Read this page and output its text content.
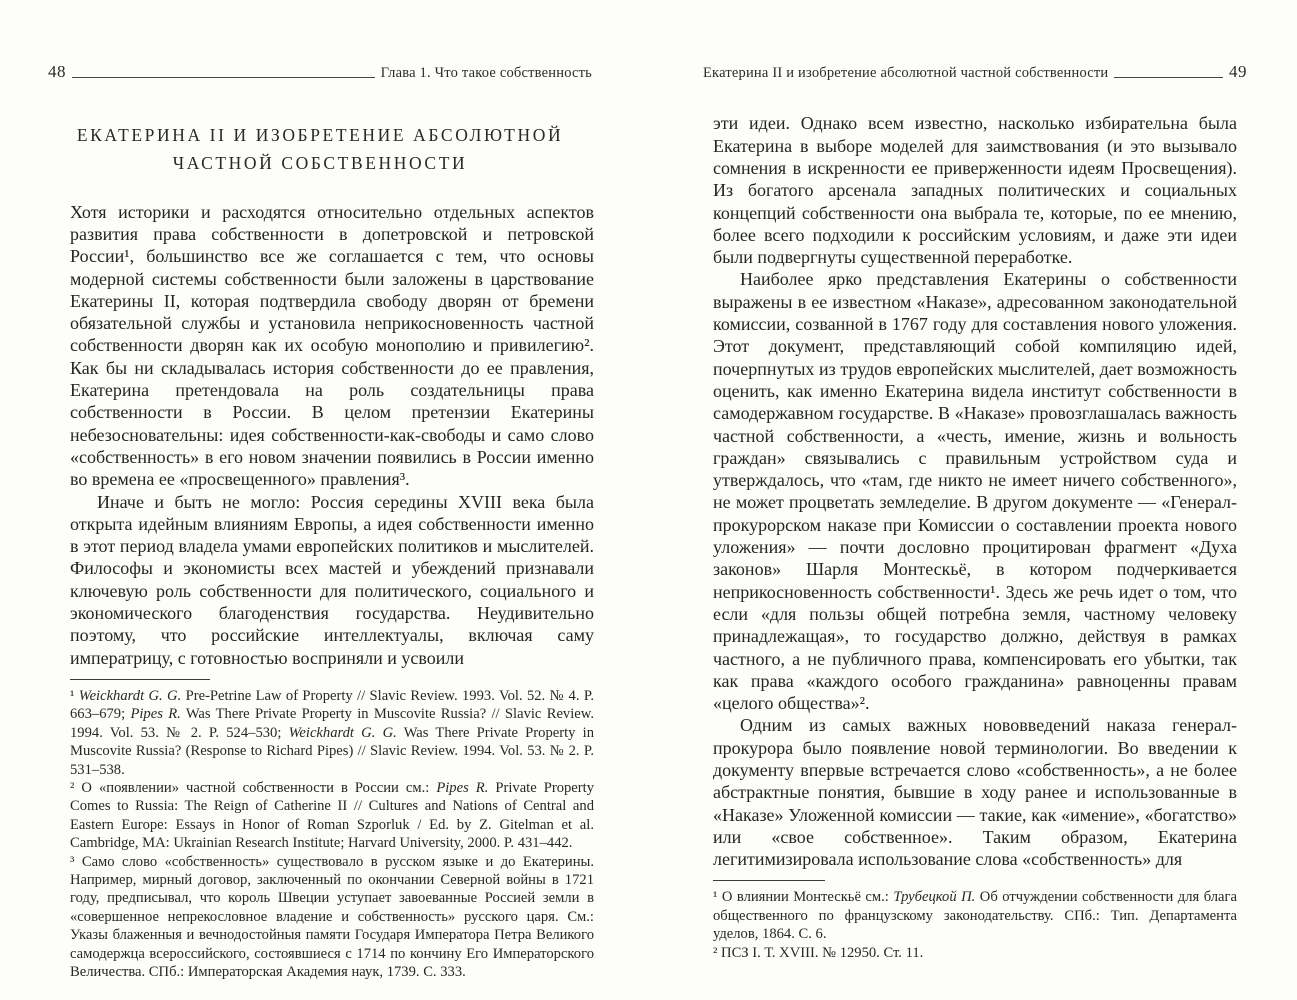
48	Глава 1. Что такое собственность
ЕКАТЕРИНА II И ИЗОБРЕТЕНИЕ АБСОЛЮТНОЙ ЧАСТНОЙ СОБСТВЕННОСТИ

Хотя историки и расходятся относительно отдельных аспектов развития права собственности в допетровской и петровской России¹, большинство все же соглашается с тем, что основы модерной системы собственности были заложены в царствование Екатерины II, которая подтвердила свободу дворян от бремени обязательной службы и установила неприкосновенность частной собственности дворян как их особую монополию и привилегию². Как бы ни складывалась история собственности до ее правления, Екатерина претендовала на роль создательницы права собственности в России. В целом претензии Екатерины небезосновательны: идея собственности-как-свободы и само слово «собственность» в его новом значении появились в России именно во времена ее «просвещенного» правления³.

Иначе и быть не могло: Россия середины XVIII века была открыта идейным влияниям Европы, а идея собственности именно в этот период владела умами европейских политиков и мыслителей. Философы и экономисты всех мастей и убеждений признавали ключевую роль собственности для политического, социального и экономического благоденствия государства. Неудивительно поэтому, что российские интеллектуалы, включая саму императрицу, с готовностью восприняли и усвоили

¹ Weickhardt G. G. Pre-Petrine Law of Property // Slavic Review. 1993. Vol. 52. № 4. P. 663–679; Pipes R. Was There Private Property in Muscovite Russia? // Slavic Review. 1994. Vol. 53. № 2. P. 524–530; Weickhardt G. G. Was There Private Property in Muscovite Russia? (Response to Richard Pipes) // Slavic Review. 1994. Vol. 53. № 2. P. 531–538.

² О «появлении» частной собственности в России см.: Pipes R. Private Property Comes to Russia: The Reign of Catherine II // Cultures and Nations of Central and Eastern Europe: Essays in Honor of Roman Szporluk / Ed. by Z. Gitelman et al. Cambridge, MA: Ukrainian Research Institute; Harvard University, 2000. P. 431–442.

³ Само слово «собственность» существовало в русском языке и до Екатерины. Например, мирный договор, заключенный по окончании Северной войны в 1721 году, предписывал, что король Швеции уступает завоеванные Россией земли в «совершенное непрекословное владение и собственность» русского царя. См.: Указы блаженныя и вечнодостойныя памяти Государя Императора Петра Великого самодержца всероссийского, состоявшиеся с 1714 по кончину Его Императорского Величества. СПб.: Императорская Академия наук, 1739. С. 333.

Екатерина II и изобретение абсолютной частной собственности	49

эти идеи. Однако всем известно, насколько избирательна была Екатерина в выборе моделей для заимствования (и это вызывало сомнения в искренности ее приверженности идеям Просвещения). Из богатого арсенала западных политических и социальных концепций собственности она выбрала те, которые, по ее мнению, более всего подходили к российским условиям, и даже эти идеи были подвергнуты существенной переработке.

Наиболее ярко представления Екатерины о собственности выражены в ее известном «Наказе», адресованном законодательной комиссии, созванной в 1767 году для составления нового уложения. Этот документ, представляющий собой компиляцию идей, почерпнутых из трудов европейских мыслителей, дает возможность оценить, как именно Екатерина видела институт собственности в самодержавном государстве. В «Наказе» провозглашалась важность частной собственности, а «честь, имение, жизнь и вольность граждан» связывались с правильным устройством суда и утверждалось, что «там, где никто не имеет ничего собственного», не может процветать земледелие. В другом документе — «Генерал-прокурорском наказе при Комиссии о составлении проекта нового уложения» — почти дословно процитирован фрагмент «Духа законов» Шарля Монтескьё, в котором подчеркивается неприкосновенность собственности¹. Здесь же речь идет о том, что если «для пользы общей потребна земля, частному человеку принадлежащая», то государство должно, действуя в рамках частного, а не публичного права, компенсировать его убытки, так как права «каждого особого гражданина» равноценны правам «целого общества»².

Одним из самых важных нововведений наказа генерал-прокурора было появление новой терминологии. Во введении к документу впервые встречается слово «собственность», а не более абстрактные понятия, бывшие в ходу ранее и использованные в «Наказе» Уложенной комиссии — такие, как «имение», «богатство» или «свое собственное». Таким образом, Екатерина легитимизировала использование слова «собственность» для

¹ О влиянии Монтескьё см.: Трубецкой П. Об отчуждении собственности для блага общественного по французскому законодательству. СПб.: Тип. Департамента уделов, 1864. С. 6.

² ПСЗ I. Т. XVIII. № 12950. Ст. 11.
